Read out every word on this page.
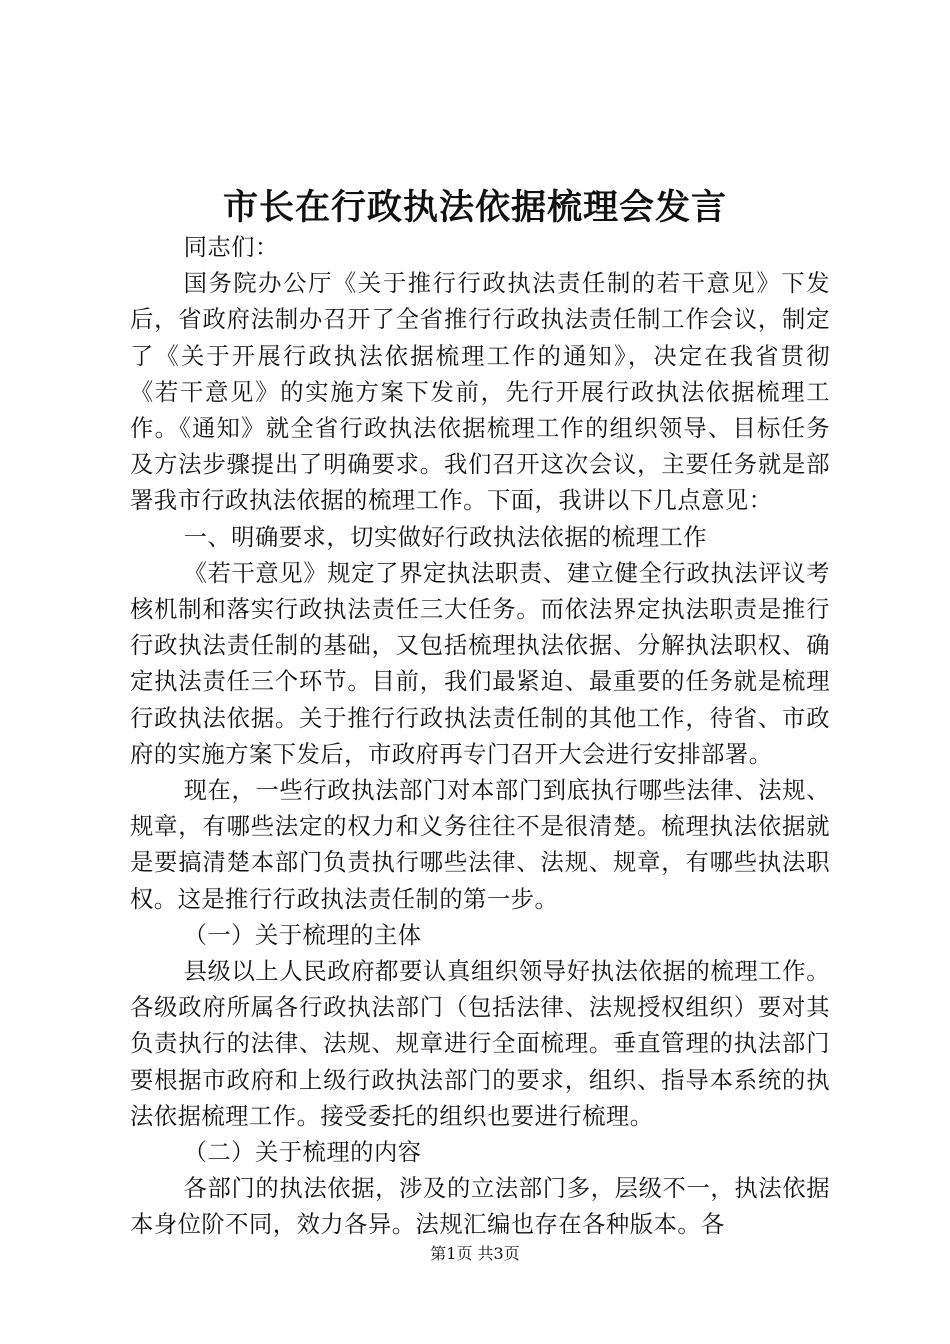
市长在行政执法依据梳理会发言

同志们：

国务院办公厅《关于推行行政执法责任制的若干意见》下发后，省政府法制办召开了全省推行行政执法责任制工作会议，制定了《关于开展行政执法依据梳理工作的通知》，决定在我省贯彻《若干意见》的实施方案下发前，先行开展行政执法依据梳理工作。《通知》就全省行政执法依据梳理工作的组织领导、目标任务及方法步骤提出了明确要求。我们召开这次会议，主要任务就是部署我市行政执法依据的梳理工作。下面，我讲以下几点意见：

一、明确要求，切实做好行政执法依据的梳理工作

《若干意见》规定了界定执法职责、建立健全行政执法评议考核机制和落实行政执法责任三大任务。而依法界定执法职责是推行行政执法责任制的基础，又包括梳理执法依据、分解执法职权、确定执法责任三个环节。目前，我们最紧迫、最重要的任务就是梳理行政执法依据。关于推行行政执法责任制的其他工作，待省、市政府的实施方案下发后，市政府再专门召开大会进行安排部署。

现在，一些行政执法部门对本部门到底执行哪些法律、法规、规章，有哪些法定的权力和义务往往不是很清楚。梳理执法依据就是要搞清楚本部门负责执行哪些法律、法规、规章，有哪些执法职权。这是推行行政执法责任制的第一步。

（一）关于梳理的主体

县级以上人民政府都要认真组织领导好执法依据的梳理工作。各级政府所属各行政执法部门（包括法律、法规授权组织）要对其负责执行的法律、法规、规章进行全面梳理。垂直管理的执法部门要根据市政府和上级行政执法部门的要求，组织、指导本系统的执法依据梳理工作。接受委托的组织也要进行梳理。

（二）关于梳理的内容

各部门的执法依据，涉及的立法部门多，层级不一，执法依据本身位阶不同，效力各异。法规汇编也存在各种版本。各

第1页 共3页
